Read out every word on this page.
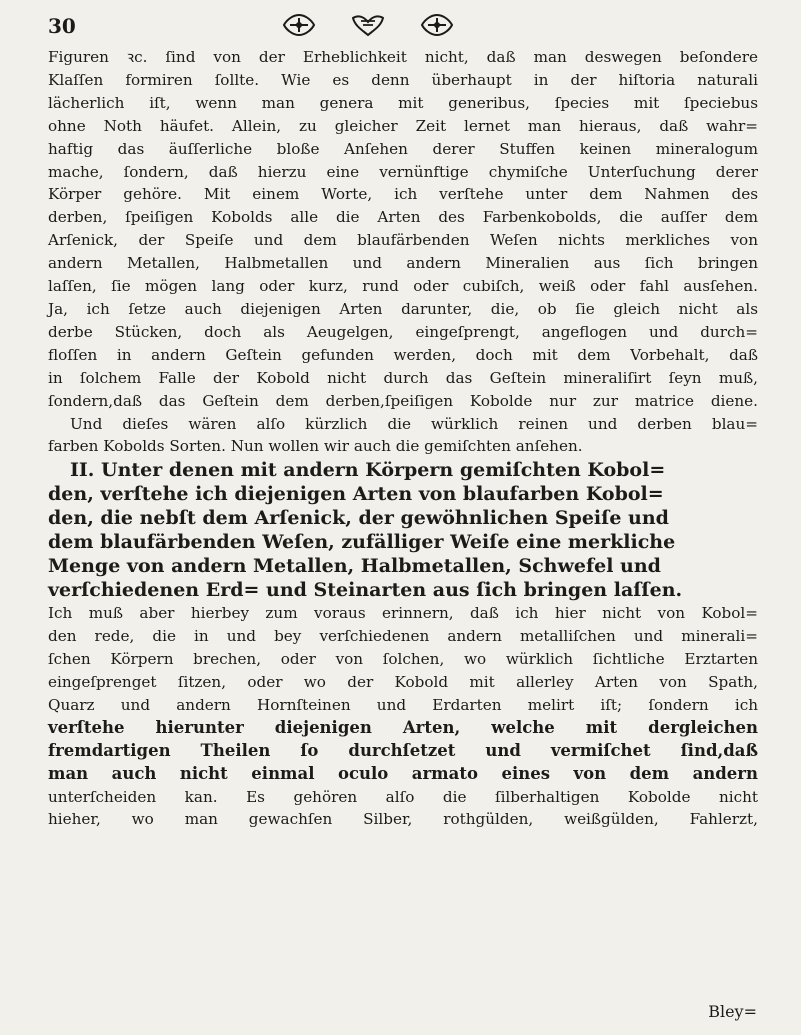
30
Figuren ꝛc. ſind von der Erheblichkeit nicht, daß man deswegen beſondere
Klaſſen formiren ſollte. Wie es denn überhaupt in der hiſtoria naturali
lächerlich iſt, wenn man genera mit generibus, ſpecies mit ſpeciebus
ohne Noth häufet. Allein, zu gleicher Zeit lernet man hieraus, daß wahr=
haftig das äuſſerliche bloße Anſehen derer Stuffen keinen mineralogum
mache, ſondern, daß hierzu eine vernünftige chymiſche Unterſuchung derer
Körper gehöre. Mit einem Worte, ich verſtehe unter dem Nahmen des
derben, ſpeiſigen Kobolds alle die Arten des Farbenkobolds, die auſſer dem
Arſenick, der Speiſe und dem blaufärbenden Weſen nichts merkliches von
andern Metallen, Halbmetallen und andern Mineralien aus ſich bringen
laſſen, ſie mögen lang oder kurz, rund oder cubiſch, weiß oder fahl ausſehen.
Ja, ich ſetze auch diejenigen Arten darunter, die, ob ſie gleich nicht als
derbe Stücken, doch als Aeugelgen, eingeſprengt, angeflogen und durch=
floſſen in andern Geſtein gefunden werden, doch mit dem Vorbehalt, daß
in ſolchem Falle der Kobold nicht durch das Geſtein mineraliſirt ſeyn muß,
ſondern,daß das Geſtein dem derben,ſpeiſigen Kobolde nur zur matrice diene.
Und dieſes wären alſo kürzlich die würklich reinen und derben blau=
farben Kobolds Sorten. Nun wollen wir auch die gemiſchten anſehen.
II. Unter denen mit andern Körpern gemiſchten Kobol=
den, verſtehe ich diejenigen Arten von blaufarben Kobol=
den, die nebſt dem Arſenick, der gewöhnlichen Speiſe und
dem blaufärbenden Weſen, zufälliger Weiſe eine merkliche
Menge von andern Metallen, Halbmetallen, Schwefel und
verſchiedenen Erd= und Steinarten aus ſich bringen laſſen.
Ich muß aber hierbey zum voraus erinnern, daß ich hier nicht von Kobol=
den rede, die in und bey verſchiedenen andern metalliſchen und minerali=
ſchen Körpern brechen, oder von ſolchen, wo würklich ſichtliche Erztarten
eingeſprenget ſitzen, oder wo der Kobold mit allerley Arten von Spath,
Quarz und andern Hornſteinen und Erdarten melirt iſt; ſondern ich
verſtehe hierunter diejenigen Arten, welche mit dergleichen
fremdartigen Theilen ſo durchſetzet und vermiſchet ſind,daß
man auch nicht einmal oculo armato eines von dem andern
unterſcheiden kan. Es gehören alſo die ſilberhaltigen Kobolde nicht
hieher, wo man gewachſen Silber, rothgülden, weißgülden, Fahlerzt,
Bley=
